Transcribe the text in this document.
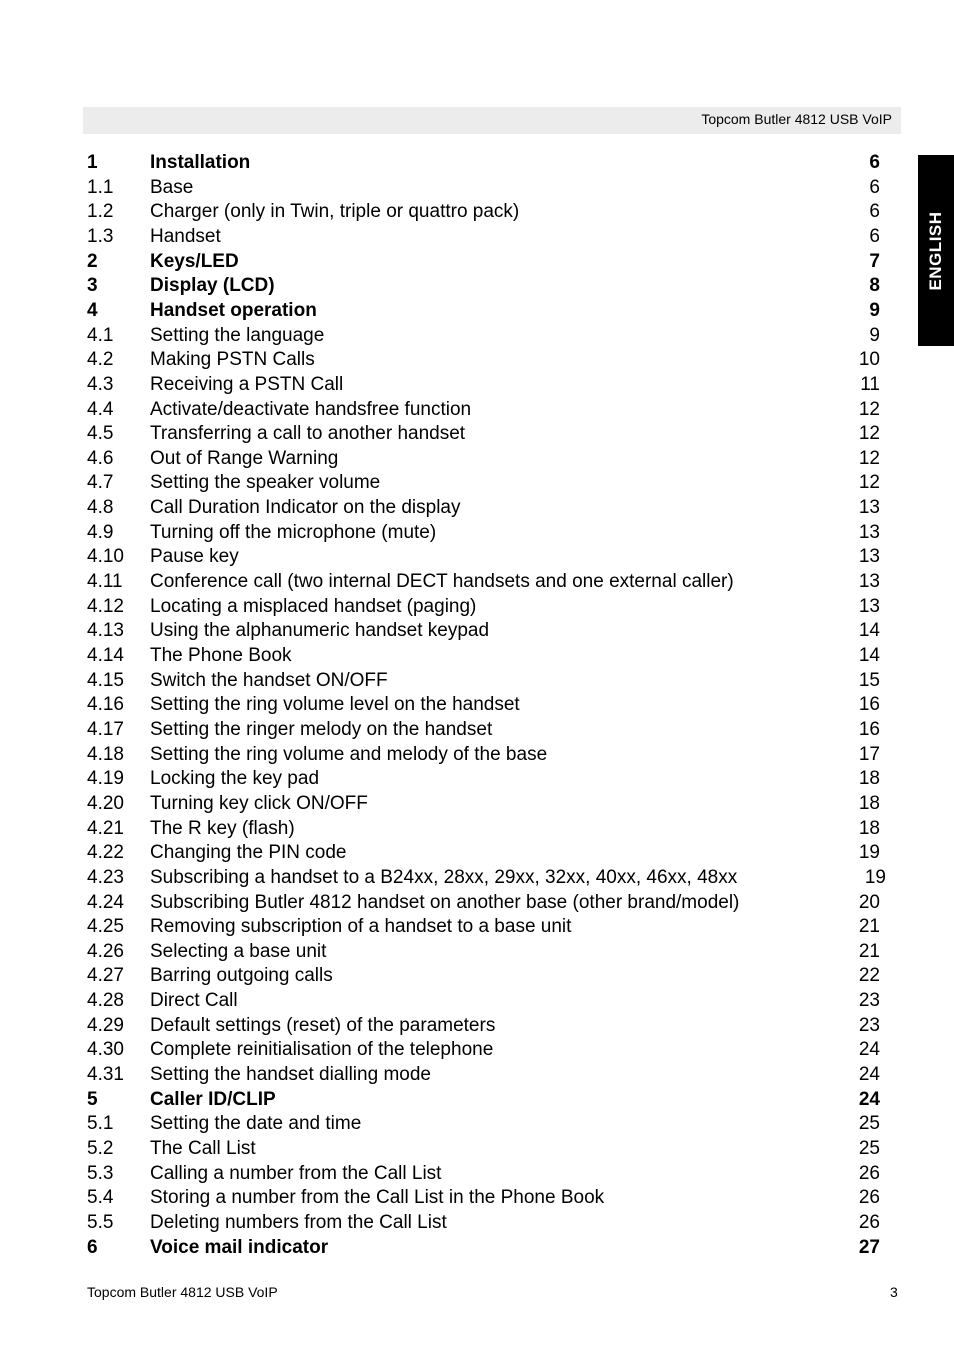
Topcom Butler 4812 USB VoIP
ENGLISH
1	Installation	6
1.1 Base	6
1.2 Charger (only in Twin, triple or quattro pack)	6
1.3 Handset	6
2	Keys/LED	7
3	Display (LCD)	8
4	Handset operation	9
4.1 Setting the language	9
4.2 Making PSTN Calls	10
4.3 Receiving a PSTN Call	11
4.4 Activate/deactivate handsfree function	12
4.5 Transferring a call to another handset	12
4.6 Out of Range Warning	12
4.7 Setting the speaker volume	12
4.8 Call Duration Indicator on the display	13
4.9 Turning off the microphone (mute)	13
4.10 Pause key	13
4.11 Conference call (two internal DECT handsets and one external caller)	13
4.12 Locating a misplaced handset (paging)	13
4.13 Using the alphanumeric handset keypad	14
4.14 The Phone Book	14
4.15 Switch the handset ON/OFF	15
4.16 Setting the ring volume level on the handset	16
4.17 Setting the ringer melody on the handset	16
4.18 Setting the ring volume and melody of the base	17
4.19 Locking the key pad	18
4.20 Turning key click ON/OFF	18
4.21 The R key (flash)	18
4.22 Changing the PIN code	19
4.23 Subscribing a handset to a B24xx, 28xx, 29xx, 32xx, 40xx, 46xx, 48xx	19
4.24 Subscribing Butler 4812 handset on another base (other brand/model)	20
4.25 Removing subscription of a handset to a base unit	21
4.26 Selecting a base unit	21
4.27 Barring outgoing calls	22
4.28 Direct Call	23
4.29 Default settings (reset) of the parameters	23
4.30 Complete reinitialisation of the telephone	24
4.31 Setting the handset dialling mode	24
5	Caller ID/CLIP	24
5.1 Setting the date and time	25
5.2 The Call List	25
5.3 Calling a number from the Call List	26
5.4 Storing a number from the Call List in the Phone Book	26
5.5 Deleting numbers from the Call List	26
6	Voice mail indicator	27
Topcom Butler 4812 USB VoIP	3
